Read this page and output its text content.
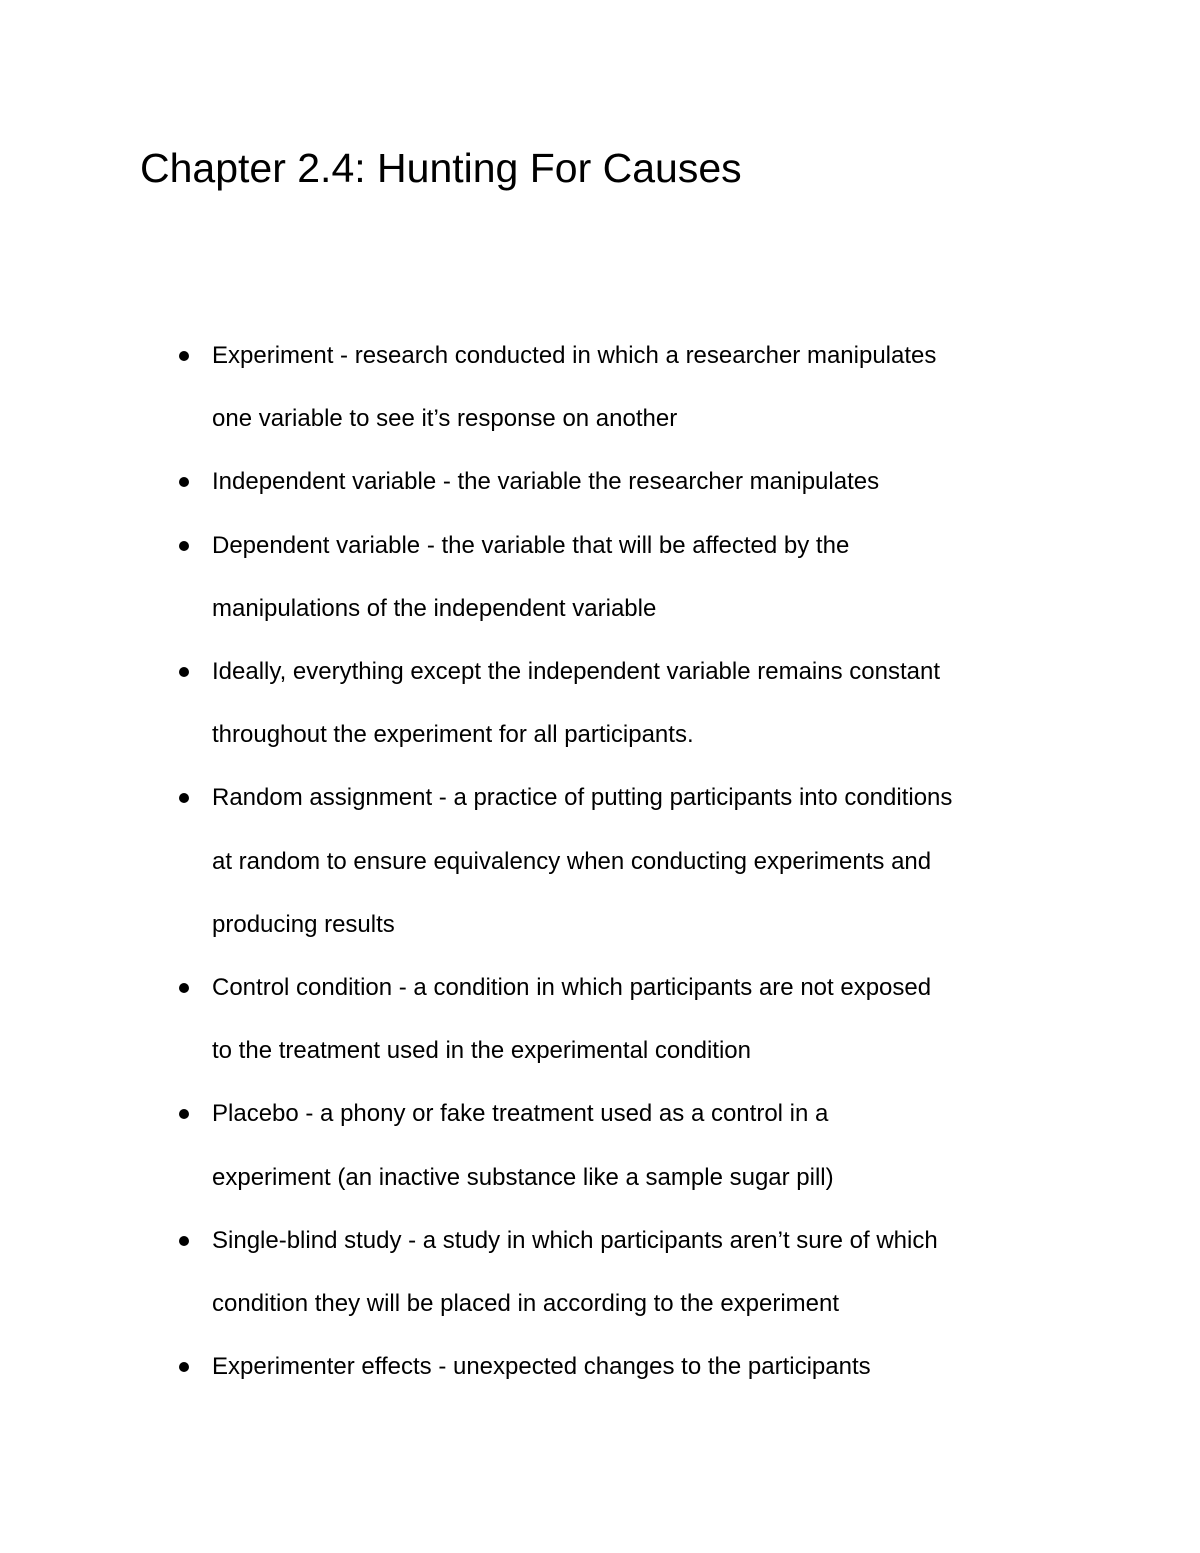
Chapter 2.4: Hunting For Causes
Experiment - research conducted in which a researcher manipulates
one variable to see it’s response on another
Independent variable - the variable the researcher manipulates
Dependent variable - the variable that will be affected by the
manipulations of the independent variable
Ideally, everything except the independent variable remains constant
throughout the experiment for all participants.
Random assignment - a practice of putting participants into conditions
at random to ensure equivalency when conducting experiments and
producing results
Control condition - a condition in which participants are not exposed
to the treatment used in the experimental condition
Placebo - a phony or fake treatment used as a control in a
experiment (an inactive substance like a sample sugar pill)
Single-blind study - a study in which participants aren’t sure of which
condition they will be placed in according to the experiment
Experimenter effects - unexpected changes to the participants
